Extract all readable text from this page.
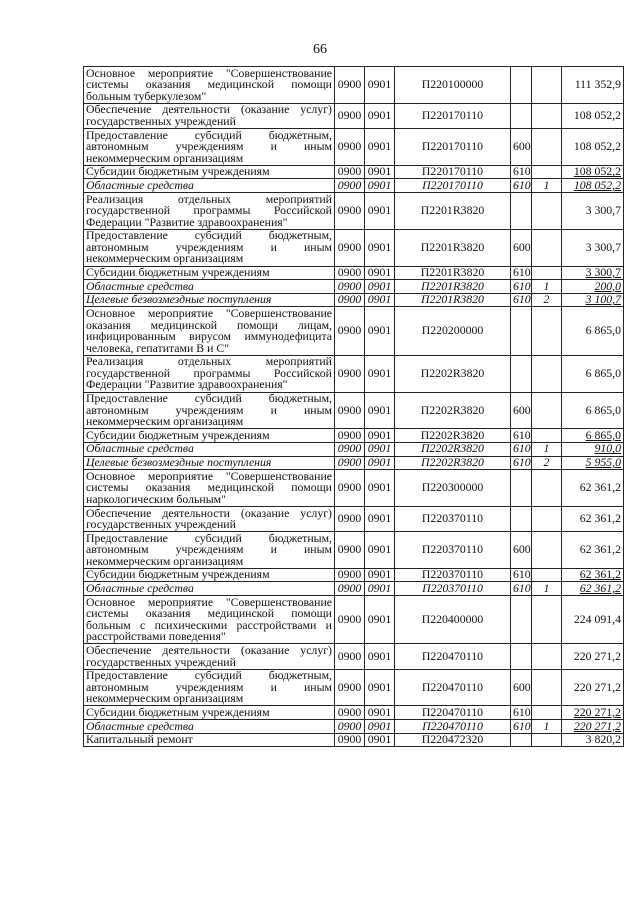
66
Основное мероприятие "Совершенствование системы оказания медицинской помощи больным туберкулезом"	0900	0901	П220100000			111 352,9
Обеспечение деятельности (оказание услуг) государственных учреждений	0900	0901	П220170110			108 052,2
Предоставление субсидий бюджетным, автономным учреждениям и иным некоммерческим организациям	0900	0901	П220170110	600		108 052,2
Субсидии бюджетным учреждениям	0900	0901	П220170110	610		108 052,2
Областные средства	0900	0901	П220170110	610	1	108 052,2
Реализация отдельных мероприятий государственной программы Российской Федерации "Развитие здравоохранения"	0900	0901	П2201R3820			3 300,7
Предоставление субсидий бюджетным, автономным учреждениям и иным некоммерческим организациям	0900	0901	П2201R3820	600		3 300,7
Субсидии бюджетным учреждениям	0900	0901	П2201R3820	610		3 300,7
Областные средства	0900	0901	П2201R3820	610	1	200,0
Целевые безвозмездные поступления	0900	0901	П2201R3820	610	2	3 100,7
Основное мероприятие "Совершенствование оказания медицинской помощи лицам, инфицированным вирусом иммунодефицита человека, гепатитами В и С"	0900	0901	П220200000			6 865,0
Реализация отдельных мероприятий государственной программы Российской Федерации "Развитие здравоохранения"	0900	0901	П2202R3820			6 865,0
Предоставление субсидий бюджетным, автономным учреждениям и иным некоммерческим организациям	0900	0901	П2202R3820	600		6 865,0
Субсидии бюджетным учреждениям	0900	0901	П2202R3820	610		6 865,0
Областные средства	0900	0901	П2202R3820	610	1	910,0
Целевые безвозмездные поступления	0900	0901	П2202R3820	610	2	5 955,0
Основное мероприятие "Совершенствование системы оказания медицинской помощи наркологическим больным"	0900	0901	П220300000			62 361,2
Обеспечение деятельности (оказание услуг) государственных учреждений	0900	0901	П220370110			62 361,2
Предоставление субсидий бюджетным, автономным учреждениям и иным некоммерческим организациям	0900	0901	П220370110	600		62 361,2
Субсидии бюджетным учреждениям	0900	0901	П220370110	610		62 361,2
Областные средства	0900	0901	П220370110	610	1	62 361,2
Основное мероприятие "Совершенствование системы оказания медицинской помощи больным с психическими расстройствами и расстройствами поведения"	0900	0901	П220400000			224 091,4
Обеспечение деятельности (оказание услуг) государственных учреждений	0900	0901	П220470110			220 271,2
Предоставление субсидий бюджетным, автономным учреждениям и иным некоммерческим организациям	0900	0901	П220470110	600		220 271,2
Субсидии бюджетным учреждениям	0900	0901	П220470110	610		220 271,2
Областные средства	0900	0901	П220470110	610	1	220 271,2
Капитальный ремонт	0900	0901	П220472320			3 820,2
